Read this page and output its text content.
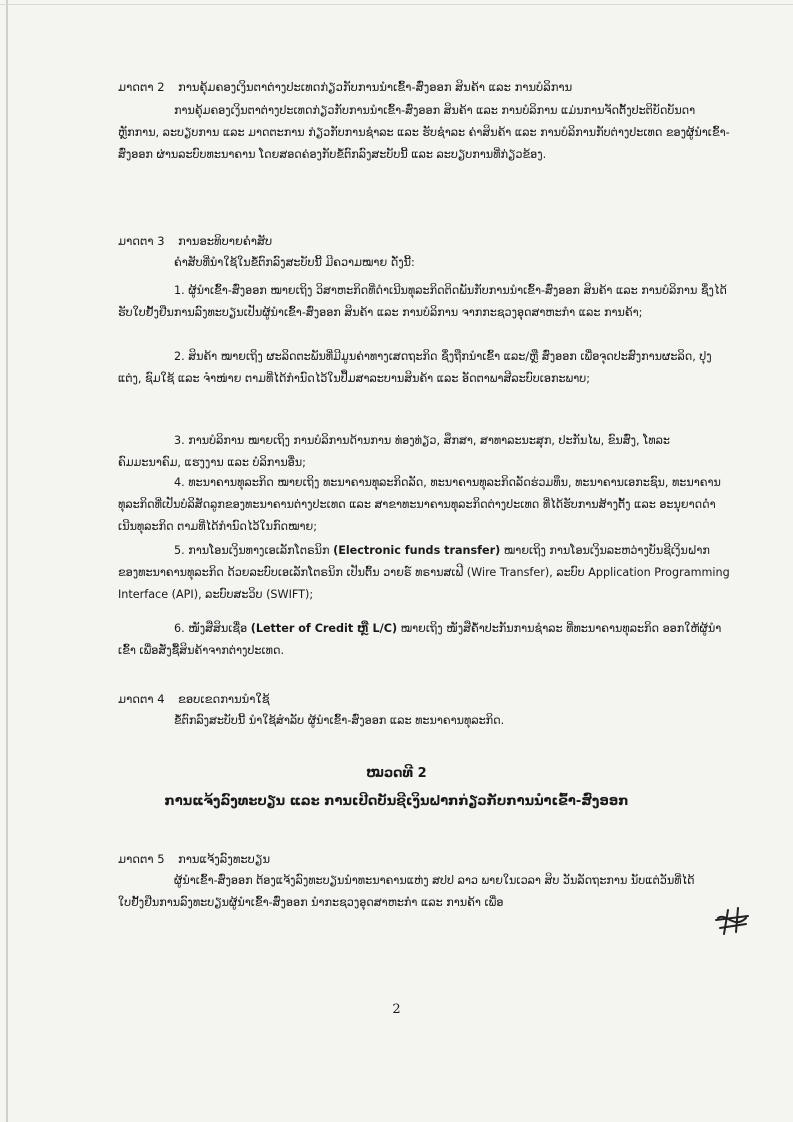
ມາດຕາ 2 ການຄຸ້ມຄອງເງິນຕາຕ່າງປະເທດກ່ຽວກັບການນໍາເຂົ້າ-ສົ່ງອອກ ສິນຄ້າ ແລະ ການບໍລິການ
ການຄຸ້ມຄອງເງິນຕາຕ່າງປະເທດກ່ຽວກັບການນໍາເຂົ້າ-ສົ່ງອອກ ສິນຄ້າ ແລະ ການບໍລິການ ແມ່ນການຈັດຕັ້ງປະຕິບັດບັນດາຫຼັກການ, ລະບຽບການ ແລະ ມາດຕະການ ກ່ຽວກັບການຊໍາລະ ແລະ ຮັບຊໍາລະ ຄ່າສິນຄ້າ ແລະ ການບໍລິການກັບຕ່າງປະເທດ ຂອງຜູ້ນໍາເຂົ້າ-ສົ່ງອອກ ຜ່ານລະບົບທະນາຄານ ໂດຍສອດຄ່ອງກັບຂໍ້ຕົກລົງສະບັບນີ້ ແລະ ລະບຽບການທີ່ກ່ຽວຂ້ອງ.
ມາດຕາ 3 ການອະທິບາຍຄໍາສັບ
ຄໍາສັບທີ່ນໍາໃຊ້ໃນຂໍ້ຕົກລົງສະບັບນີ້ ມີຄວາມໝາຍ ດັ່ງນີ້:
1. ຜູ້ນໍາເຂົ້າ-ສົ່ງອອກ ໝາຍເຖິງ ວິສາຫະກິດທີ່ດໍາເນີນທຸລະກິດຕິດພັນກັບການນໍາເຂົ້າ-ສົ່ງອອກ ສິນຄ້າ ແລະ ການບໍລິການ ຊຶ່ງໄດ້ຮັບໃບຢັ້ງຢືນການລົງທະບຽນເປັນຜູ້ນໍາເຂົ້າ-ສົ່ງອອກ ສິນຄ້າ ແລະ ການບໍລິການ ຈາກກະຊວງອຸດສາຫະກໍາ ແລະ ການຄ້າ;
2. ສິນຄ້າ ໝາຍເຖິງ ຜະລິດຕະພັນທີ່ມີມູນຄ່າທາງເສດຖະກິດ ຊຶ່ງຖືກນໍາເຂົ້າ ແລະ/ຫຼື ສົ່ງອອກ ເພື່ອຈຸດປະສົງການຜະລິດ, ປຸງແຕ່ງ, ຊົມໃຊ້ ແລະ ຈໍາໜ່າຍ ຕາມທີ່ໄດ້ກໍານົດໄວ້ໃນປຶ້ມສາລະບານສິນຄ້າ ແລະ ອັດຕາພາສີລະບົບເອກະພາບ;
3. ການບໍລິການ ໝາຍເຖິງ ການບໍລິການດ້ານການ ທ່ອງທ່ຽວ, ສຶກສາ, ສາທາລະນະສຸກ, ປະກັນໄພ, ຂົນສົ່ງ, ໂທລະຄົມມະນາຄົມ, ແຮງງານ ແລະ ບໍລິການອື່ນ;
4. ທະນາຄານທຸລະກິດ ໝາຍເຖິງ ທະນາຄານທຸລະກິດລັດ, ທະນາຄານທຸລະກິດລັດຮ່ວມທຶນ, ທະນາຄານເອກະຊົນ, ທະນາຄານທຸລະກິດທີ່ເປັນບໍລິສັດລູກຂອງທະນາຄານຕ່າງປະເທດ ແລະ ສາຂາທະນາຄານທຸລະກິດຕ່າງປະເທດ ທີ່ໄດ້ຮັບການສ້າງຕັ້ງ ແລະ ອະນຸຍາດດໍາເນີນທຸລະກິດ ຕາມທີ່ໄດ້ກໍານົດໄວ້ໃນກົດໝາຍ;
5. ການໂອນເງິນທາງເອເລັກໂຕຣນິກ (Electronic funds transfer) ໝາຍເຖິງ ການໂອນເງິນລະຫວ່າງບັນຊີເງິນຝາກຂອງທະນາຄານທຸລະກິດ ດ້ວຍລະບົບເອເລັກໂຕຣນິກ ເປັນຕົ້ນ ວາຍຣ໌ ທຣານສເຟີ (Wire Transfer), ລະບົບ Application Programming Interface (API), ລະບົບສະວິບ (SWIFT);
6. ໜັງສືສິນເຊື່ອ (Letter of Credit ຫຼື L/C) ໝາຍເຖິງ ໜັງສືຄໍ້າປະກັນການຊໍາລະ ທີ່ທະນາຄານທຸລະກິດ ອອກໃຫ້ຜູ້ນໍາເຂົ້າ ເພື່ອສັ່ງຊື້ສິນຄ້າຈາກຕ່າງປະເທດ.
ມາດຕາ 4 ຂອບເຂດການນໍາໃຊ້
ຂໍ້ຕົກລົງສະບັບນີ້ ນໍາໃຊ້ສໍາລັບ ຜູ້ນໍາເຂົ້າ-ສົ່ງອອກ ແລະ ທະນາຄານທຸລະກິດ.
ໝວດທີ 2
ການແຈ້ງລົງທະບຽນ ແລະ ການເປີດບັນຊີເງິນຝາກກ່ຽວກັບການນໍາເຂົ້າ-ສົ່ງອອກ
ມາດຕາ 5 ການແຈ້ງລົງທະບຽນ
ຜູ້ນໍາເຂົ້າ-ສົ່ງອອກ ຕ້ອງແຈ້ງລົງທະບຽນນໍາທະນາຄານແຫ່ງ ສປປ ລາວ ພາຍໃນເວລາ ສິບ ວັນລັດຖະການ ນັບແຕ່ວັນທີ່ໄດ້ໃບຢັ້ງຢືນການລົງທະບຽນຜູ້ນໍາເຂົ້າ-ສົ່ງອອກ ນໍາກະຊວງອຸດສາຫະກໍາ ແລະ ການຄ້າ ເພື່ອ
2
